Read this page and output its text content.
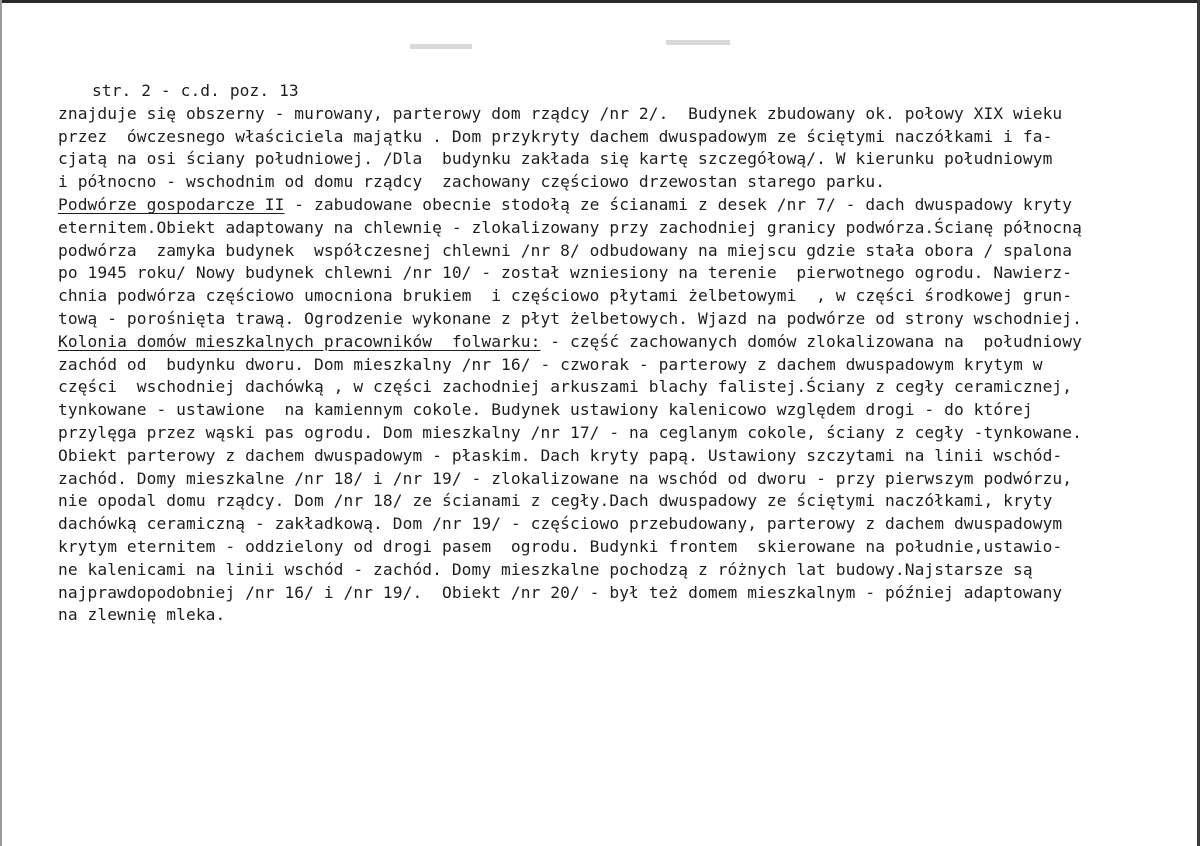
str. 2 - c.d. poz. 13
znajduje się obszerny - murowany, parterowy dom rządcy /nr 2/.  Budynek zbudowany ok. połowy XIX wieku
przez  ówczesnego właściciela majątku . Dom przykryty dachem dwuspadowym ze ściętymi naczółkami i fa-
cjatą na osi ściany południowej. /Dla  budynku zakłada się kartę szczegółową/. W kierunku południowym
i północno - wschodnim od domu rządcy  zachowany częściowo drzewostan starego parku.
Podwórze gospodarcze II - zabudowane obecnie stodołą ze ścianami z desek /nr 7/ - dach dwuspadowy kryty
eternitem.Obiekt adaptowany na chlewnię - zlokalizowany przy zachodniej granicy podwórza.Ścianę północną
podwórza  zamyka budynek  współczesnej chlewni /nr 8/ odbudowany na miejscu gdzie stała obora / spalona
po 1945 roku/ Nowy budynek chlewni /nr 10/ - został wzniesiony na terenie  pierwotnego ogrodu. Nawierz-
chnia podwórza częściowo umocniona brukiem  i częściowo płytami żelbetowymi  , w części środkowej grun-
tową - porośnięta trawą. Ogrodzenie wykonane z płyt żelbetowych. Wjazd na podwórze od strony wschodniej.
Kolonia domów mieszkalnych pracowników  folwarku: - część zachowanych domów zlokalizowana na  południowy
zachód od  budynku dworu. Dom mieszkalny /nr 16/ - czworak - parterowy z dachem dwuspadowym krytym w
części  wschodniej dachówką , w części zachodniej arkuszami blachy falistej.Ściany z cegły ceramicznej,
tynkowane - ustawione  na kamiennym cokole. Budynek ustawiony kalenicowo względem drogi - do której
przylęga przez wąski pas ogrodu. Dom mieszkalny /nr 17/ - na ceglanym cokole, ściany z cegły -tynkowane.
Obiekt parterowy z dachem dwuspadowym - płaskim. Dach kryty papą. Ustawiony szczytami na linii wschód-
zachód. Domy mieszkalne /nr 18/ i /nr 19/ - zlokalizowane na wschód od dworu - przy pierwszym podwórzu,
nie opodal domu rządcy. Dom /nr 18/ ze ścianami z cegły.Dach dwuspadowy ze ściętymi naczółkami, kryty
dachówką ceramiczną - zakładkową. Dom /nr 19/ - częściowo przebudowany, parterowy z dachem dwuspadowym
krytym eternitem - oddzielony od drogi pasem  ogrodu. Budynki frontem  skierowane na południe,ustawio-
ne kalenicami na linii wschód - zachód. Domy mieszkalne pochodzą z różnych lat budowy.Najstarsze są
najprawdopodobniej /nr 16/ i /nr 19/.  Obiekt /nr 20/ - był też domem mieszkalnym - później adaptowany
na zlewnię mleka.
